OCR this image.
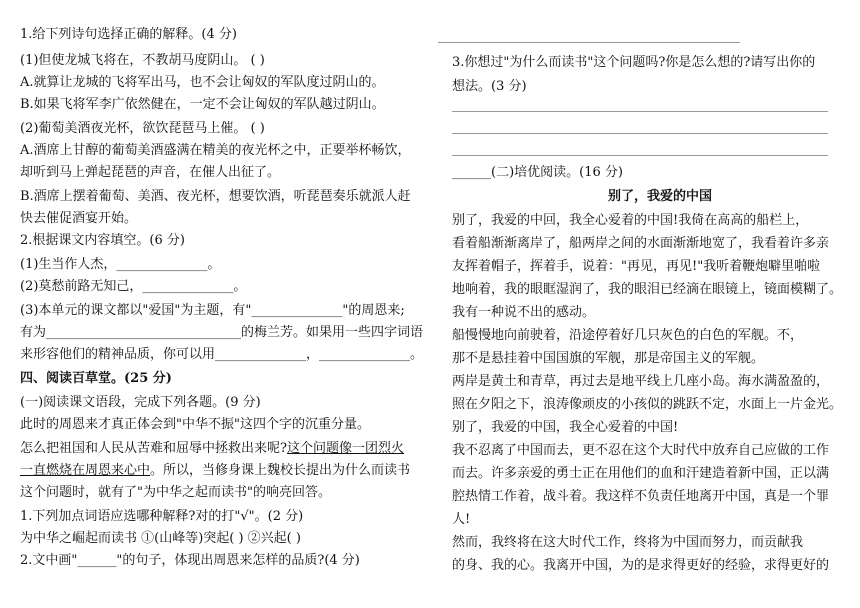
1.给下列诗句选择正确的解释。(4 分)
(1)但使龙城飞将在，不教胡马度阴山。 ( )
A.就算让龙城的飞将军出马，也不会让匈奴的军队度过阴山的。
B.如果飞将军李广依然健在，一定不会让匈奴的军队越过阴山。
(2)葡萄美酒夜光杯，欲饮琵琶马上催。 ( )
A.酒席上甘醇的葡萄美酒盛满在精美的夜光杯之中，正要举杯畅饮，
却听到马上弹起琵琶的声音，在催人出征了。
B.酒席上摆着葡萄、美酒、夜光杯，想要饮酒，听琵琶奏乐就派人赶
快去催促酒宴开始。
2.根据课文内容填空。(6 分)
(1)生当作人杰，______________。
(2)莫愁前路无知己，______________。
(3)本单元的课文都以"爱国"为主题，有"______________"的周恩来;
有为______________________________的梅兰芳。如果用一些四字词语
来形容他们的精神品质，你可以用______________，______________。
四、阅读百草堂。(25 分)
(一)阅读课文语段，完成下列各题。(9 分)
此时的周恩来才真正体会到"中华不振"这四个字的沉重分量。
怎么把祖国和人民从苦难和屈辱中拯救出来呢?这个问题像一团烈火
一直燃烧在周恩来心中。所以，当修身课上魏校长提出为什么而读书
这个问题时，就有了"为中华之起而读书"的响亮回答。
1.下列加点词语应选哪种解释?对的打"√"。(2 分)
为中华之崛起而读书 ①(山峰等)突起( ) ②兴起( )
2.文中画"______"的句子，体现出周恩来怎样的品质?(4 分)
3.你想过"为什么而读书"这个问题吗?你是怎么想的?请写出你的
想法。(3 分)
______(二)培优阅读。(16 分)
别了，我爱的中国
别了，我爱的中回，我全心爱着的中国!我倚在高高的船栏上，
看着船渐渐离岸了，船两岸之间的水面渐渐地宽了，我看着许多亲
友挥着帽子，挥着手，说着："再见，再见!"我听着鞭炮噼里啪啦
地响着，我的眼眶湿润了，我的眼泪已经滴在眼镜上，镜面模糊了。
我有一种说不出的感动。
船慢慢地向前驶着，沿途停着好几只灰色的白色的军舰。不，
那不是悬挂着中国国旗的军舰，那是帝国主义的军舰。
两岸是黄土和青草，再过去是地平线上几座小岛。海水满盈盈的，
照在夕阳之下，浪涛像顽皮的小孩似的跳跃不定，水面上一片金光。
别了，我爱的中国，我全心爱着的中国!
我不忍离了中国而去，更不忍在这个大时代中放弃自己应做的工作
而去。许多亲爱的勇士正在用他们的血和汗建造着新中国，正以满
腔热情工作着，战斗着。我这样不负责任地离开中国，真是一个罪
人!
然而，我终将在这大时代工作，终将为中国而努力，而贡献我
的身、我的心。我离开中国，为的是求得更好的经验，求得更好的
